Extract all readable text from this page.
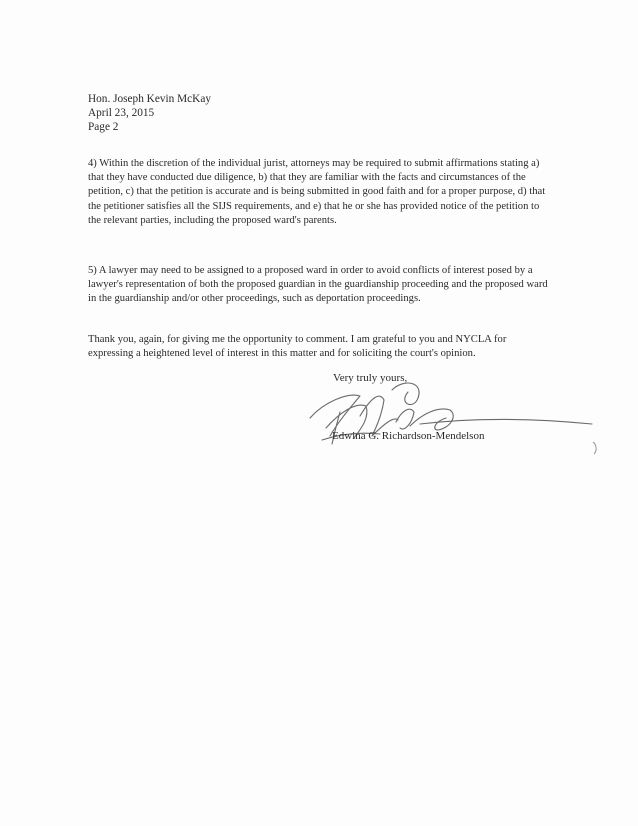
Hon. Joseph Kevin McKay
April 23, 2015
Page 2

4) Within the discretion of the individual jurist, attorneys may be required to submit affirmations stating a) that they have conducted due diligence, b) that they are familiar with the facts and circumstances of the petition, c) that the petition is accurate and is being submitted in good faith and for a proper purpose, d) that the petitioner satisfies all the SIJS requirements, and e) that he or she has provided notice of the petition to the relevant parties, including the proposed ward's parents.

5) A lawyer may need to be assigned to a proposed ward in order to avoid conflicts of interest posed by a lawyer's representation of both the proposed guardian in the guardianship proceeding and the proposed ward in the guardianship and/or other proceedings, such as deportation proceedings.

Thank you, again, for giving me the opportunity to comment. I am grateful to you and NYCLA for expressing a heightened level of interest in this matter and for soliciting the court's opinion.

Very truly yours,
Edwina G. Richardson-Mendelson
